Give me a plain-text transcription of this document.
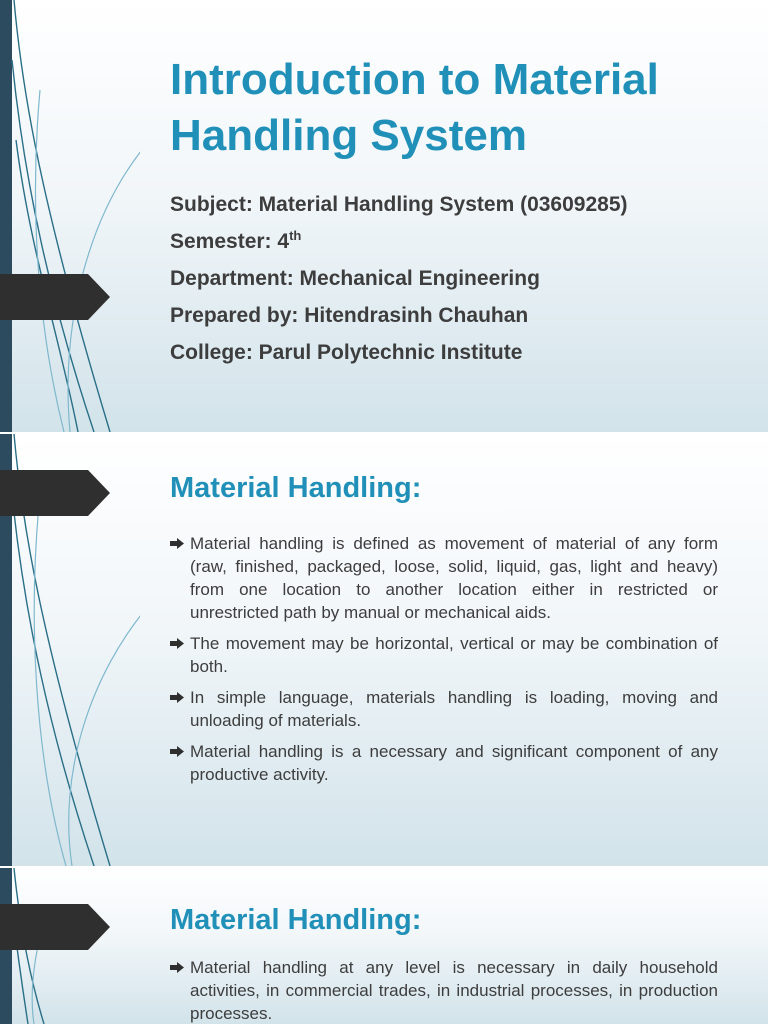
Introduction to Material Handling System
Subject: Material Handling System (03609285)
Semester: 4th
Department: Mechanical Engineering
Prepared by: Hitendrasinh Chauhan
College: Parul Polytechnic Institute
Material Handling:
Material handling is defined as movement of material of any form (raw, finished, packaged, loose, solid, liquid, gas, light and heavy) from one location to another location either in restricted or unrestricted path by manual or mechanical aids.
The movement may be horizontal, vertical or may be combination of both.
In simple language, materials handling is loading, moving and unloading of materials.
Material handling is a necessary and significant component of any productive activity.
Material Handling:
Material handling at any level is necessary in daily household activities, in commercial trades, in industrial processes, in production processes.
